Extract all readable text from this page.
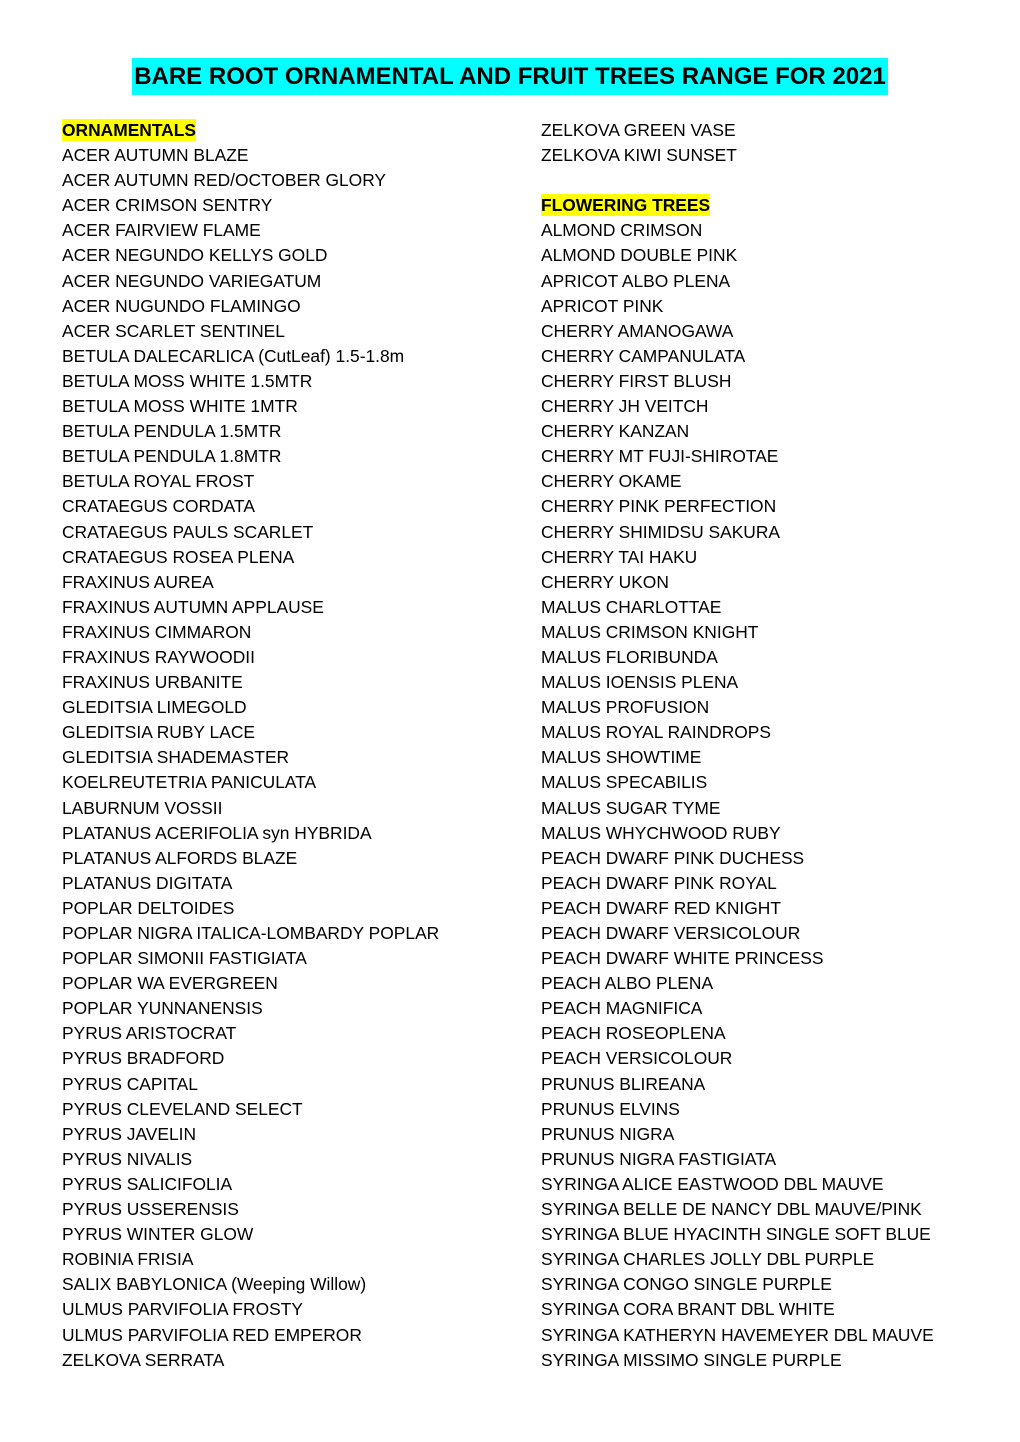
BARE ROOT ORNAMENTAL AND FRUIT TREES RANGE FOR 2021
ORNAMENTALS
ACER AUTUMN BLAZE
ACER AUTUMN RED/OCTOBER GLORY
ACER CRIMSON SENTRY
ACER FAIRVIEW FLAME
ACER NEGUNDO KELLYS GOLD
ACER NEGUNDO VARIEGATUM
ACER NUGUNDO FLAMINGO
ACER SCARLET SENTINEL
BETULA DALECARLICA (CutLeaf) 1.5-1.8m
BETULA MOSS WHITE 1.5MTR
BETULA MOSS WHITE 1MTR
BETULA PENDULA 1.5MTR
BETULA PENDULA 1.8MTR
BETULA ROYAL FROST
CRATAEGUS CORDATA
CRATAEGUS PAULS SCARLET
CRATAEGUS ROSEA PLENA
FRAXINUS AUREA
FRAXINUS AUTUMN APPLAUSE
FRAXINUS CIMMARON
FRAXINUS RAYWOODII
FRAXINUS URBANITE
GLEDITSIA LIMEGOLD
GLEDITSIA RUBY LACE
GLEDITSIA SHADEMASTER
KOELREUTETRIA PANICULATA
LABURNUM VOSSII
PLATANUS ACERIFOLIA syn HYBRIDA
PLATANUS ALFORDS BLAZE
PLATANUS DIGITATA
POPLAR DELTOIDES
POPLAR NIGRA ITALICA-LOMBARDY POPLAR
POPLAR SIMONII FASTIGIATA
POPLAR WA EVERGREEN
POPLAR YUNNANENSIS
PYRUS ARISTOCRAT
PYRUS BRADFORD
PYRUS CAPITAL
PYRUS CLEVELAND SELECT
PYRUS JAVELIN
PYRUS NIVALIS
PYRUS SALICIFOLIA
PYRUS USSERENSIS
PYRUS WINTER GLOW
ROBINIA FRISIA
SALIX BABYLONICA (Weeping Willow)
ULMUS PARVIFOLIA FROSTY
ULMUS PARVIFOLIA RED EMPEROR
ZELKOVA SERRATA
ZELKOVA GREEN VASE
ZELKOVA KIWI SUNSET
FLOWERING TREES
ALMOND CRIMSON
ALMOND DOUBLE PINK
APRICOT ALBO PLENA
APRICOT PINK
CHERRY AMANOGAWA
CHERRY CAMPANULATA
CHERRY FIRST BLUSH
CHERRY JH VEITCH
CHERRY KANZAN
CHERRY MT FUJI-SHIROTAE
CHERRY OKAME
CHERRY PINK PERFECTION
CHERRY SHIMIDSU SAKURA
CHERRY TAI HAKU
CHERRY UKON
MALUS CHARLOTTAE
MALUS CRIMSON KNIGHT
MALUS FLORIBUNDA
MALUS IOENSIS PLENA
MALUS PROFUSION
MALUS ROYAL RAINDROPS
MALUS SHOWTIME
MALUS SPECABILIS
MALUS SUGAR TYME
MALUS WHYCHWOOD RUBY
PEACH DWARF PINK DUCHESS
PEACH DWARF PINK ROYAL
PEACH DWARF RED KNIGHT
PEACH DWARF VERSICOLOUR
PEACH DWARF WHITE PRINCESS
PEACH ALBO PLENA
PEACH MAGNIFICA
PEACH ROSEOPLENA
PEACH VERSICOLOUR
PRUNUS BLIREANA
PRUNUS ELVINS
PRUNUS NIGRA
PRUNUS NIGRA FASTIGIATA
SYRINGA ALICE EASTWOOD DBL MAUVE
SYRINGA BELLE DE NANCY DBL MAUVE/PINK
SYRINGA BLUE HYACINTH SINGLE SOFT BLUE
SYRINGA CHARLES JOLLY DBL PURPLE
SYRINGA CONGO SINGLE PURPLE
SYRINGA CORA BRANT DBL WHITE
SYRINGA KATHERYN HAVEMEYER DBL MAUVE
SYRINGA MISSIMO SINGLE PURPLE
